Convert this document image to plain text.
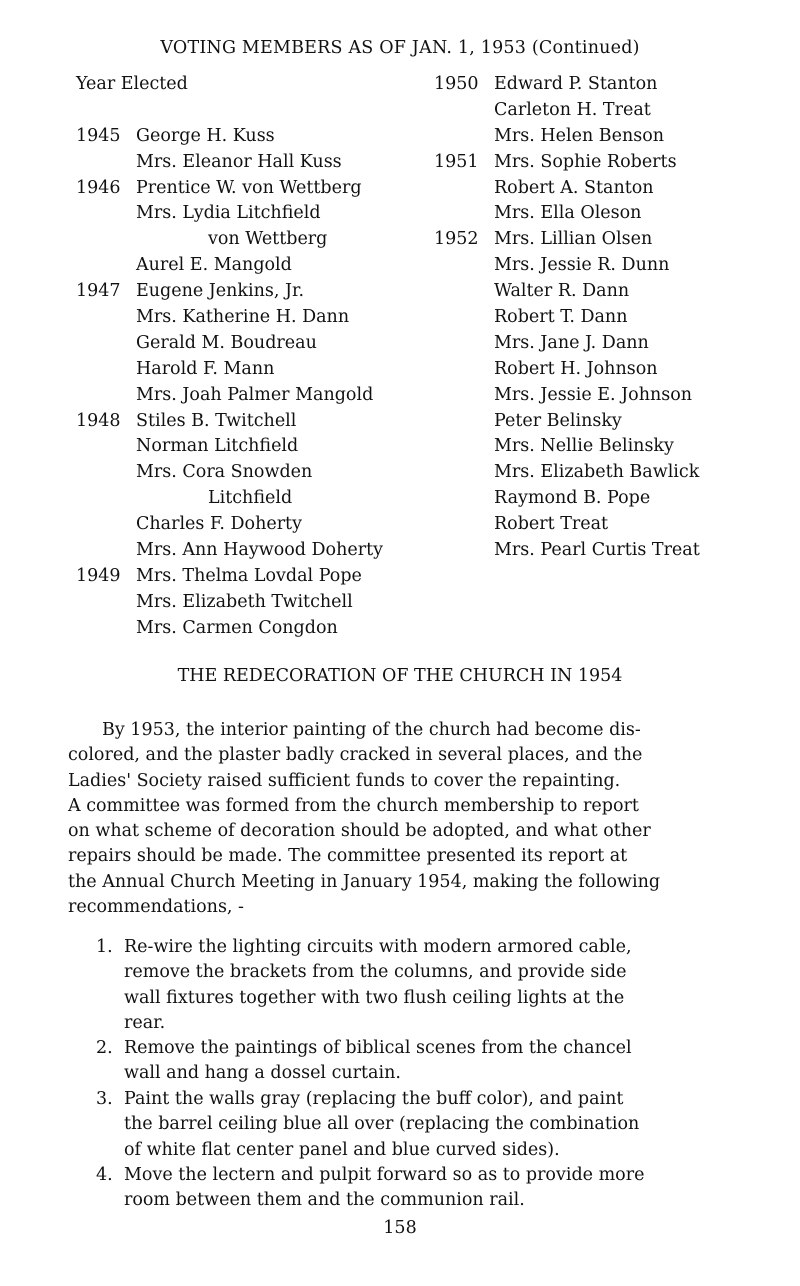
VOTING MEMBERS AS OF JAN. 1, 1953 (Continued)
Year Elected
1945 George H. Kuss
Mrs. Eleanor Hall Kuss
1946 Prentice W. von Wettberg
Mrs. Lydia Litchfield
von Wettberg
Aurel E. Mangold
1947 Eugene Jenkins, Jr.
Mrs. Katherine H. Dann
Gerald M. Boudreau
Harold F. Mann
Mrs. Joah Palmer Mangold
1948 Stiles B. Twitchell
Norman Litchfield
Mrs. Cora Snowden
Litchfield
Charles F. Doherty
Mrs. Ann Haywood Doherty
1949 Mrs. Thelma Lovdal Pope
Mrs. Elizabeth Twitchell
Mrs. Carmen Congdon
1950 Edward P. Stanton
Carleton H. Treat
Mrs. Helen Benson
1951 Mrs. Sophie Roberts
Robert A. Stanton
Mrs. Ella Oleson
1952 Mrs. Lillian Olsen
Mrs. Jessie R. Dunn
Walter R. Dann
Robert T. Dann
Mrs. Jane J. Dann
Robert H. Johnson
Mrs. Jessie E. Johnson
Peter Belinsky
Mrs. Nellie Belinsky
Mrs. Elizabeth Bawlick
Raymond B. Pope
Robert Treat
Mrs. Pearl Curtis Treat
THE REDECORATION OF THE CHURCH IN 1954
By 1953, the interior painting of the church had become dis-
colored, and the plaster badly cracked in several places, and the
Ladies' Society raised sufficient funds to cover the repainting.
A committee was formed from the church membership to report
on what scheme of decoration should be adopted, and what other
repairs should be made. The committee presented its report at
the Annual Church Meeting in January 1954, making the following
recommendations, -
1. Re-wire the lighting circuits with modern armored cable,
remove the brackets from the columns, and provide side
wall fixtures together with two flush ceiling lights at the
rear.
2. Remove the paintings of biblical scenes from the chancel
wall and hang a dossel curtain.
3. Paint the walls gray (replacing the buff color), and paint
the barrel ceiling blue all over (replacing the combination
of white flat center panel and blue curved sides).
4. Move the lectern and pulpit forward so as to provide more
room between them and the communion rail.
158
